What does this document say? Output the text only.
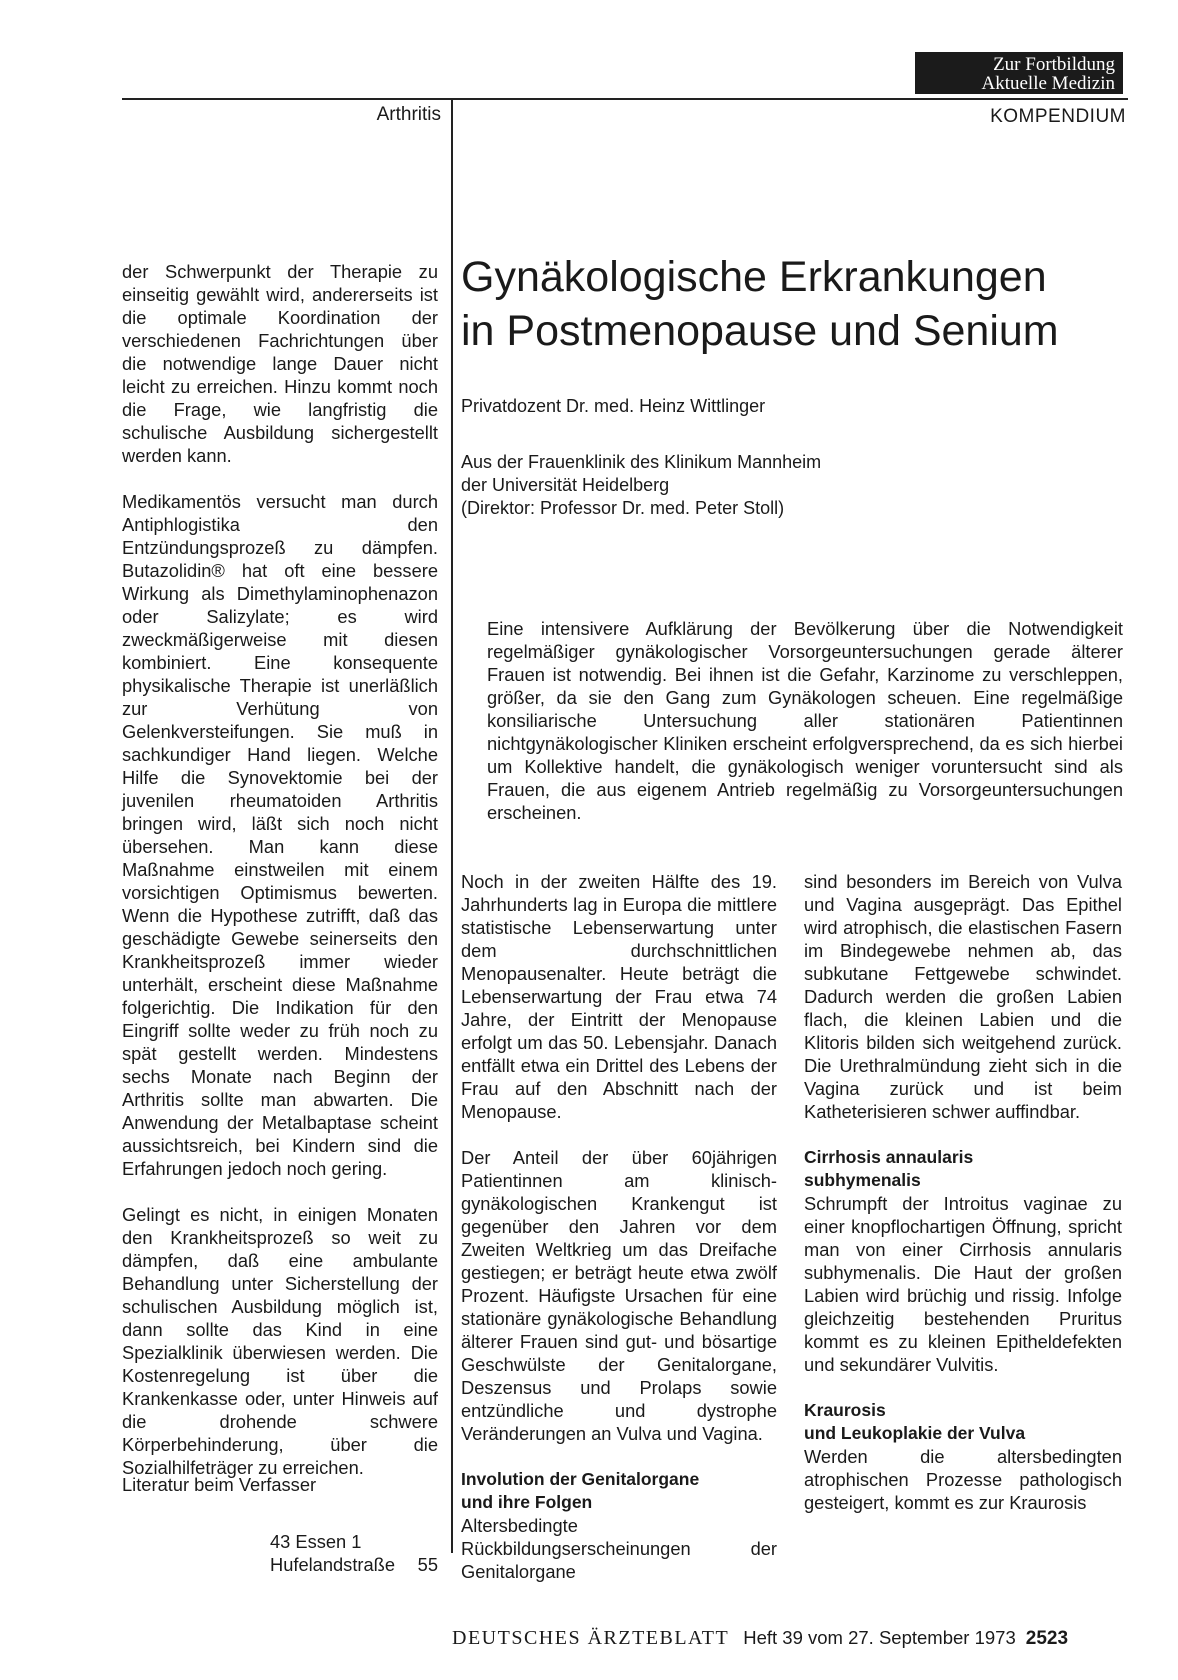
Zur Fortbildung
Aktuelle Medizin
Arthritis	KOMPENDIUM
Gynäkologische Erkrankungen
in Postmenopause und Senium
Privatdozent Dr. med. Heinz Wittlinger
Aus der Frauenklinik des Klinikum Mannheim
der Universität Heidelberg
(Direktor: Professor Dr. med. Peter Stoll)
Eine intensivere Aufklärung der Bevölkerung über die Notwendigkeit regelmäßiger gynäkologischer Vorsorgeuntersuchungen gerade älterer Frauen ist notwendig. Bei ihnen ist die Gefahr, Karzinome zu verschleppen, größer, da sie den Gang zum Gynäkologen scheuen. Eine regelmäßige konsiliarische Untersuchung aller stationären Patientinnen nichtgynäkologischer Kliniken erscheint erfolgversprechend, da es sich hierbei um Kollektive handelt, die gynäkologisch weniger voruntersucht sind als Frauen, die aus eigenem Antrieb regelmäßig zu Vorsorgeuntersuchungen erscheinen.

der Schwerpunkt der Therapie zu einseitig gewählt wird, andererseits ist die optimale Koordination der verschiedenen Fachrichtungen über die notwendige lange Dauer nicht leicht zu erreichen. Hinzu kommt noch die Frage, wie langfristig die schulische Ausbildung sichergestellt werden kann.

Medikamentös versucht man durch Antiphlogistika den Entzündungsprozeß zu dämpfen. Butazolidin® hat oft eine bessere Wirkung als Dimethylaminophenazon oder Salizylate; es wird zweckmäßigerweise mit diesen kombiniert. Eine konsequente physikalische Therapie ist unerläßlich zur Verhütung von Gelenkversteifungen. Sie muß in sachkundiger Hand liegen. Welche Hilfe die Synovektomie bei der juvenilen rheumatoiden Arthritis bringen wird, läßt sich noch nicht übersehen. Man kann diese Maßnahme einstweilen mit einem vorsichtigen Optimismus bewerten. Wenn die Hypothese zutrifft, daß das geschädigte Gewebe seinerseits den Krankheitsprozeß immer wieder unterhält, erscheint diese Maßnahme folgerichtig. Die Indikation für den Eingriff sollte weder zu früh noch zu spät gestellt werden. Mindestens sechs Monate nach Beginn der Arthritis sollte man abwarten. Die Anwendung der Metalbaptase scheint aussichtsreich, bei Kindern sind die Erfahrungen jedoch noch gering.

Gelingt es nicht, in einigen Monaten den Krankheitsprozeß so weit zu dämpfen, daß eine ambulante Behandlung unter Sicherstellung der schulischen Ausbildung möglich ist, dann sollte das Kind in eine Spezialklinik überwiesen werden. Die Kostenregelung ist über die Krankenkasse oder, unter Hinweis auf die drohende schwere Körperbehinderung, über die Sozialhilfeträger zu erreichen.

Literatur beim Verfasser
43 Essen 1
Hufelandstraße 55

Noch in der zweiten Hälfte des 19. Jahrhunderts lag in Europa die mittlere statistische Lebenserwartung unter dem durchschnittlichen Menopausenalter. Heute beträgt die Lebenserwartung der Frau etwa 74 Jahre, der Eintritt der Menopause erfolgt um das 50. Lebensjahr. Danach entfällt etwa ein Drittel des Lebens der Frau auf den Abschnitt nach der Menopause.

Der Anteil der über 60jährigen Patientinnen am klinisch-gynäkologischen Krankengut ist gegenüber den Jahren vor dem Zweiten Weltkrieg um das Dreifache gestiegen; er beträgt heute etwa zwölf Prozent. Häufigste Ursachen für eine stationäre gynäkologische Behandlung älterer Frauen sind gut- und bösartige Geschwülste der Genitalorgane, Deszensus und Prolaps sowie entzündliche und dystrophe Veränderungen an Vulva und Vagina.

Involution der Genitalorgane
und ihre Folgen

Altersbedingte Rückbildungserscheinungen der Genitalorgane

sind besonders im Bereich von Vulva und Vagina ausgeprägt. Das Epithel wird atrophisch, die elastischen Fasern im Bindegewebe nehmen ab, das subkutane Fettgewebe schwindet. Dadurch werden die großen Labien flach, die kleinen Labien und die Klitoris bilden sich weitgehend zurück. Die Urethralmündung zieht sich in die Vagina zurück und ist beim Katheterisieren schwer auffindbar.

Cirrhosis annaularis
subhymenalis

Schrumpft der Introitus vaginae zu einer knopflochartigen Öffnung, spricht man von einer Cirrhosis annularis subhymenalis. Die Haut der großen Labien wird brüchig und rissig. Infolge gleichzeitig bestehenden Pruritus kommt es zu kleinen Epitheldefekten und sekundärer Vulvitis.

Kraurosis
und Leukoplakie der Vulva

Werden die altersbedingten atrophischen Prozesse pathologisch gesteigert, kommt es zur Kraurosis

DEUTSCHES ÄRZTEBLATT Heft 39 vom 27. September 1973 2523
